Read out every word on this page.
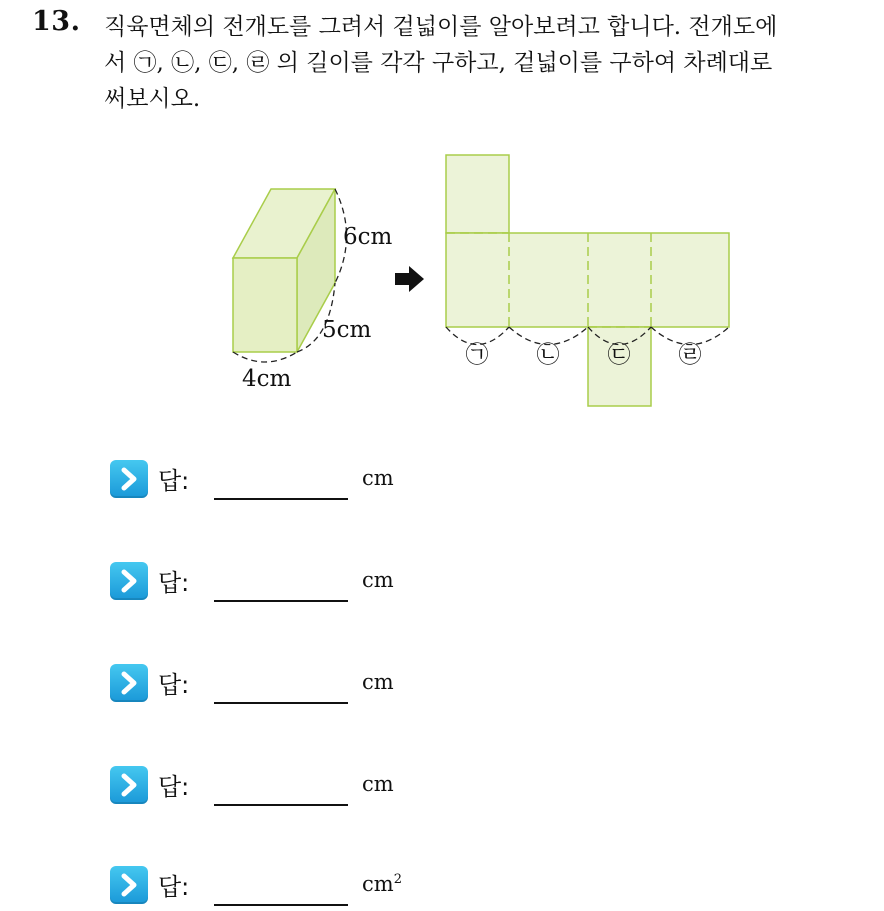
13. 직육면체의 전개도를 그려서 겉넓이를 알아보려고 합니다. 전개도에
서 ㉠, ㉡, ㉢, ㉣ 의 길이를 각각 구하고, 겉넓이를 구하여 차례대로
써보시오.
6cm
5cm
4cm
㉠ ㉡ ㉢ ㉣
답:	cm
답:	cm
답:	cm
답:	cm
답:	$cm^2$
